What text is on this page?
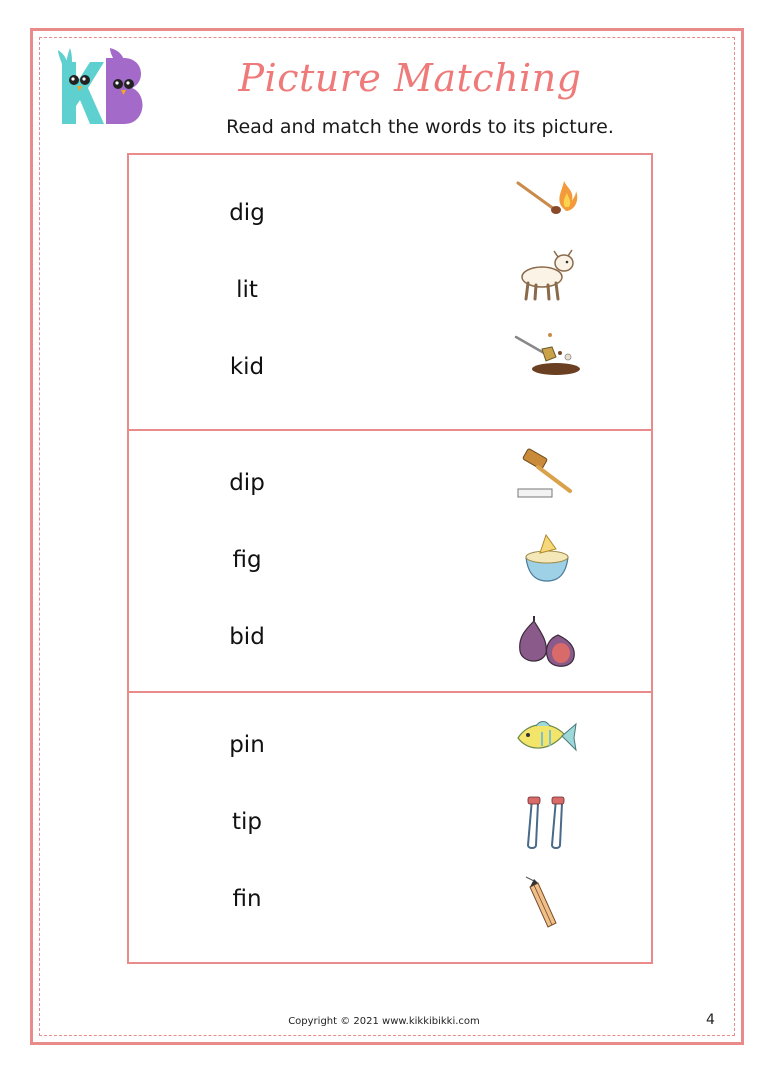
Picture Matching

Read and match the words to its picture.

dig
lit
kid
dip
fig
bid
pin
tip
fin
Copyright © 2021 www.kikkibikki.com	4
